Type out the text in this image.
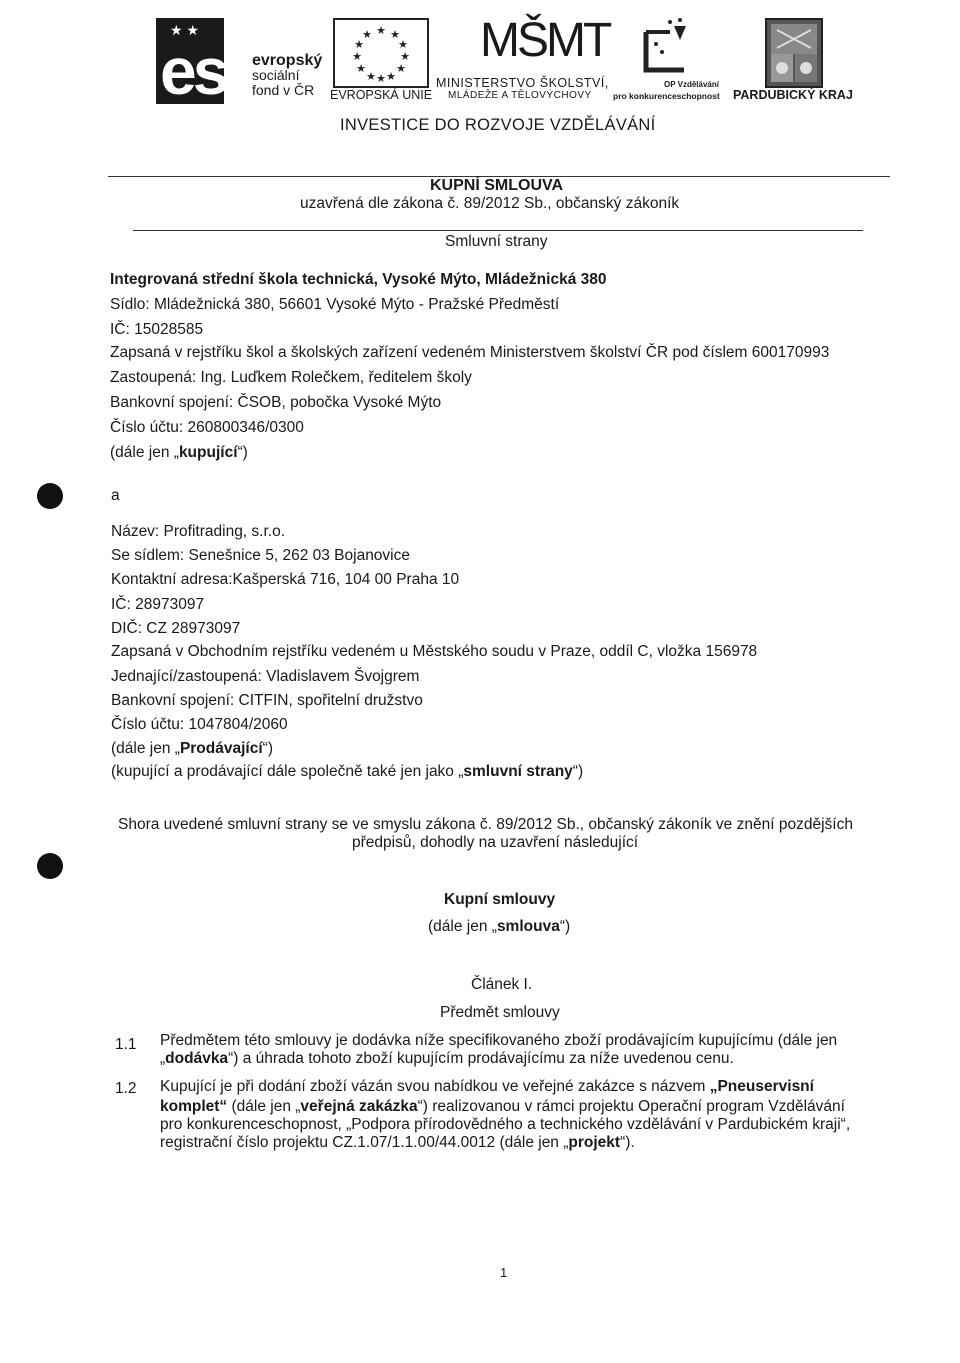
esf
★ ★
evropský
sociální
fond v ČR
★ ★
★
★
★
★
★
★
★
★
★
★
EVROPSKÁ UNIE
MŠMT
MINISTERSTVO ŠKOLSTVÍ,
MLÁDEŽE A TĚLOVÝCHOVY
OP Vzdělávání
pro konkurenceschopnost PARDUBICKÝ KRAJ
INVESTICE DO ROZVOJE VZDĚLÁVÁNÍ
KUPNÍ SMLOUVA
uzavřená dle zákona č. 89/2012 Sb., občanský zákoník
Smluvní strany
Integrovaná střední škola technická, Vysoké Mýto, Mládežnická 380
Sídlo: Mládežnická 380, 56601 Vysoké Mýto - Pražské Předměstí
IČ: 15028585
Zapsaná v rejstříku škol a školských zařízení vedeném Ministerstvem školství ČR pod číslem 600170993
Zastoupená: Ing. Luďkem Rolečkem, ředitelem školy
Bankovní spojení: ČSOB, pobočka Vysoké Mýto
Číslo účtu: 260800346/0300
(dále jen „kupující“)
a
Název: Profitrading, s.r.o.
Se sídlem: Senešnice 5, 262 03 Bojanovice
Kontaktní adresa:Kašperská 716, 104 00 Praha 10
IČ: 28973097
DIČ: CZ 28973097
Zapsaná v Obchodním rejstříku vedeném u Městského soudu v Praze, oddíl C, vložka 156978
Jednající/zastoupená: Vladislavem Švojgrem
Bankovní spojení: CITFIN, spořitelní družstvo
Číslo účtu: 1047804/2060
(dále jen „Prodávající“)
(kupující a prodávající dále společně také jen jako „smluvní strany“)
Shora uvedené smluvní strany se ve smyslu zákona č. 89/2012 Sb., občanský zákoník ve znění pozdějších
předpisů, dohodly na uzavření následující
Kupní smlouvy
(dále jen „smlouva“)
Článek I.
Předmět smlouvy
1.1 Předmětem této smlouvy je dodávka níže specifikovaného zboží prodávajícím kupujícímu (dále jen
„dodávka“) a úhrada tohoto zboží kupujícím prodávajícímu za níže uvedenou cenu.
1.2 Kupující je při dodání zboží vázán svou nabídkou ve veřejné zakázce s názvem „Pneuservisní
komplet“ (dále jen „veřejná zakázka“) realizovanou v rámci projektu Operační program Vzdělávání
pro konkurenceschopnost, „Podpora přírodovědného a technického vzdělávání v Pardubickém kraji“,
registrační číslo projektu CZ.1.07/1.1.00/44.0012 (dále jen „projekt“).
1
